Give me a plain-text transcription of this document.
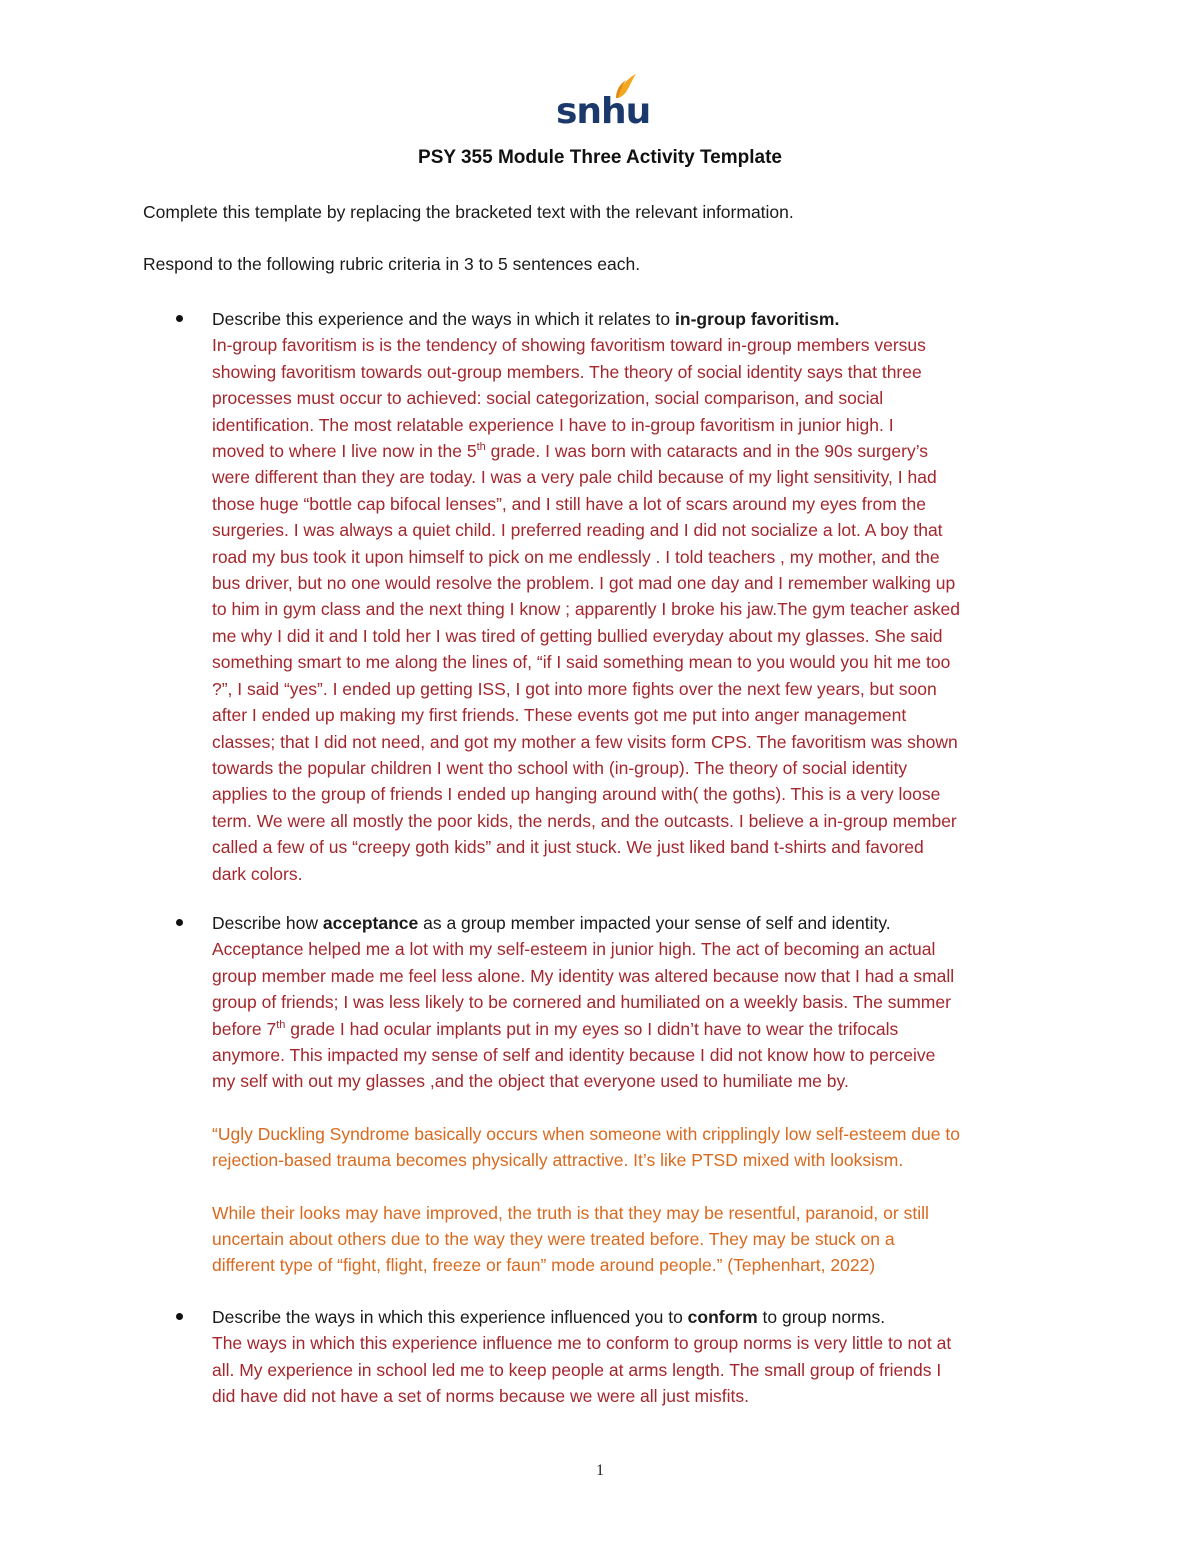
snhu
PSY 355 Module Three Activity Template
Complete this template by replacing the bracketed text with the relevant information.
Respond to the following rubric criteria in 3 to 5 sentences each.

Describe this experience and the ways in which it relates to in-group favoritism.

In-group favoritism is is the tendency of showing favoritism toward in-group members versus

showing favoritism towards out-group members. The theory of social identity says that three

processes must occur to achieved: social categorization, social comparison, and social

identification. The most relatable experience I have to in-group favoritism in junior high. I

moved to where I live now in the 5th grade. I was born with cataracts and in the 90s surgery’s

were different than they are today. I was a very pale child because of my light sensitivity, I had

those huge “bottle cap bifocal lenses”, and I still have a lot of scars around my eyes from the

surgeries. I was always a quiet child. I preferred reading and I did not socialize a lot. A boy that

road my bus took it upon himself to pick on me endlessly . I told teachers , my mother, and the

bus driver, but no one would resolve the problem. I got mad one day and I remember walking up

to him in gym class and the next thing I know ; apparently I broke his jaw.The gym teacher asked

me why I did it and I told her I was tired of getting bullied everyday about my glasses. She said

something smart to me along the lines of, “if I said something mean to you would you hit me too

?”, I said “yes”. I ended up getting ISS, I got into more fights over the next few years, but soon

after I ended up making my first friends. These events got me put into anger management

classes; that I did not need, and got my mother a few visits form CPS. The favoritism was shown

towards the popular children I went tho school with (in-group). The theory of social identity

applies to the group of friends I ended up hanging around with( the goths). This is a very loose

term. We were all mostly the poor kids, the nerds, and the outcasts. I believe a in-group member

called a few of us “creepy goth kids” and it just stuck. We just liked band t-shirts and favored

dark colors.

Describe how acceptance as a group member impacted your sense of self and identity.

Acceptance helped me a lot with my self-esteem in junior high. The act of becoming an actual

group member made me feel less alone. My identity was altered because now that I had a small

group of friends; I was less likely to be cornered and humiliated on a weekly basis. The summer

before 7th grade I had ocular implants put in my eyes so I didn’t have to wear the trifocals

anymore. This impacted my sense of self and identity because I did not know how to perceive

my self with out my glasses ,and the object that everyone used to humiliate me by.

“Ugly Duckling Syndrome basically occurs when someone with cripplingly low self-esteem due to

rejection-based trauma becomes physically attractive. It’s like PTSD mixed with looksism.

While their looks may have improved, the truth is that they may be resentful, paranoid, or still

uncertain about others due to the way they were treated before. They may be stuck on a

different type of “fight, flight, freeze or faun” mode around people.” (Tephenhart, 2022)

Describe the ways in which this experience influenced you to conform to group norms.

The ways in which this experience influence me to conform to group norms is very little to not at

all. My experience in school led me to keep people at arms length. The small group of friends I

did have did not have a set of norms because we were all just misfits.

1
